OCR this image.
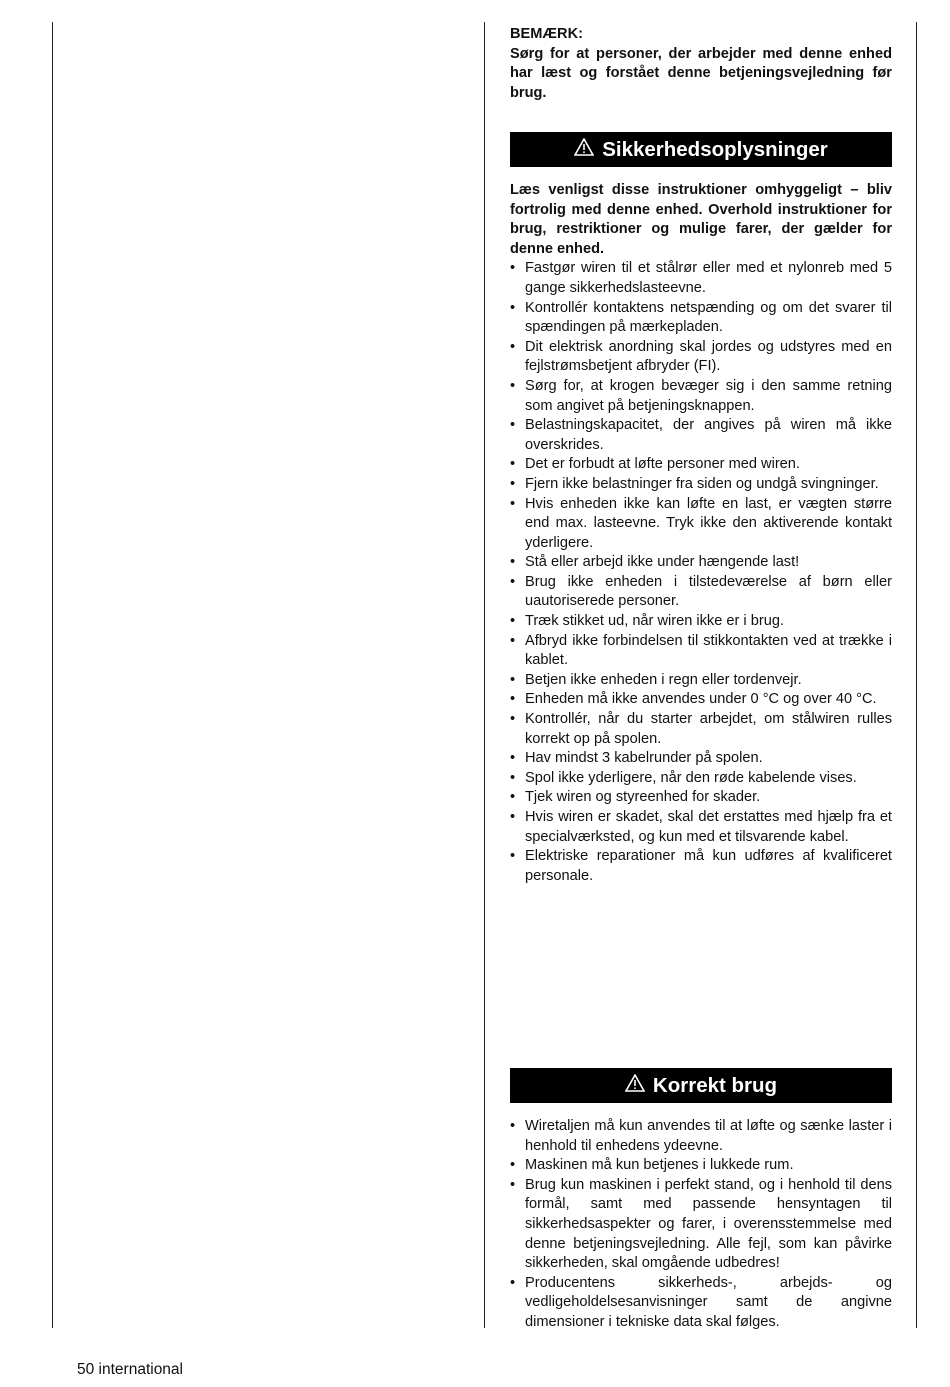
BEMÆRK:
Sørg for at personer, der arbejder med denne enhed har læst og forstået denne betjeningsvejledning før brug.
Sikkerhedsoplysninger
Læs venligst disse instruktioner omhyggeligt – bliv fortrolig med denne enhed. Overhold instruktioner for brug, restriktioner og mulige farer, der gælder for denne enhed.
• Fastgør wiren til et stålrør eller med et nylonreb med 5 gange sikkerhedslasteevne.
• Kontrollér kontaktens netspænding og om det svarer til spændingen på mærkepladen.
• Dit elektrisk anordning skal jordes og udstyres med en fejlstrømsbetjent afbryder (FI).
• Sørg for, at krogen bevæger sig i den samme retning som angivet på betjeningsknappen.
• Belastningskapacitet, der angives på wiren må ikke overskrides.
• Det er forbudt at løfte personer med wiren.
• Fjern ikke belastninger fra siden og undgå svingninger.
• Hvis enheden ikke kan løfte en last, er vægten større end max. lasteevne. Tryk ikke den aktiverende kontakt yderligere.
• Stå eller arbejd ikke under hængende last!
• Brug ikke enheden i tilstedeværelse af børn eller uautoriserede personer.
• Træk stikket ud, når wiren ikke er i brug.
• Afbryd ikke forbindelsen til stikkontakten ved at trække i kablet.
• Betjen ikke enheden i regn eller tordenvejr.
• Enheden må ikke anvendes under 0 °C og over 40 °C.
• Kontrollér, når du starter arbejdet, om stålwiren rulles korrekt op på spolen.
• Hav mindst 3 kabelrunder på spolen.
• Spol ikke yderligere, når den røde kabelende vises.
• Tjek wiren og styreenhed for skader.
• Hvis wiren er skadet, skal det erstattes med hjælp fra et specialværksted, og kun med et tilsvarende kabel.
• Elektriske reparationer må kun udføres af kvalificeret personale.
Korrekt brug
• Wiretaljen må kun anvendes til at løfte og sænke laster i henhold til enhedens ydeevne.
• Maskinen må kun betjenes i lukkede rum.
• Brug kun maskinen i perfekt stand, og i henhold til dens formål, samt med passende hensyntagen til sikkerhedsaspekter og farer, i overensstemmelse med denne betjeningsvejledning. Alle fejl, som kan påvirke sikkerheden, skal omgående udbedres!
• Producentens sikkerheds-, arbejds- og vedligeholdelsesanvisninger samt de angivne dimensioner i tekniske data skal følges.
50 international
